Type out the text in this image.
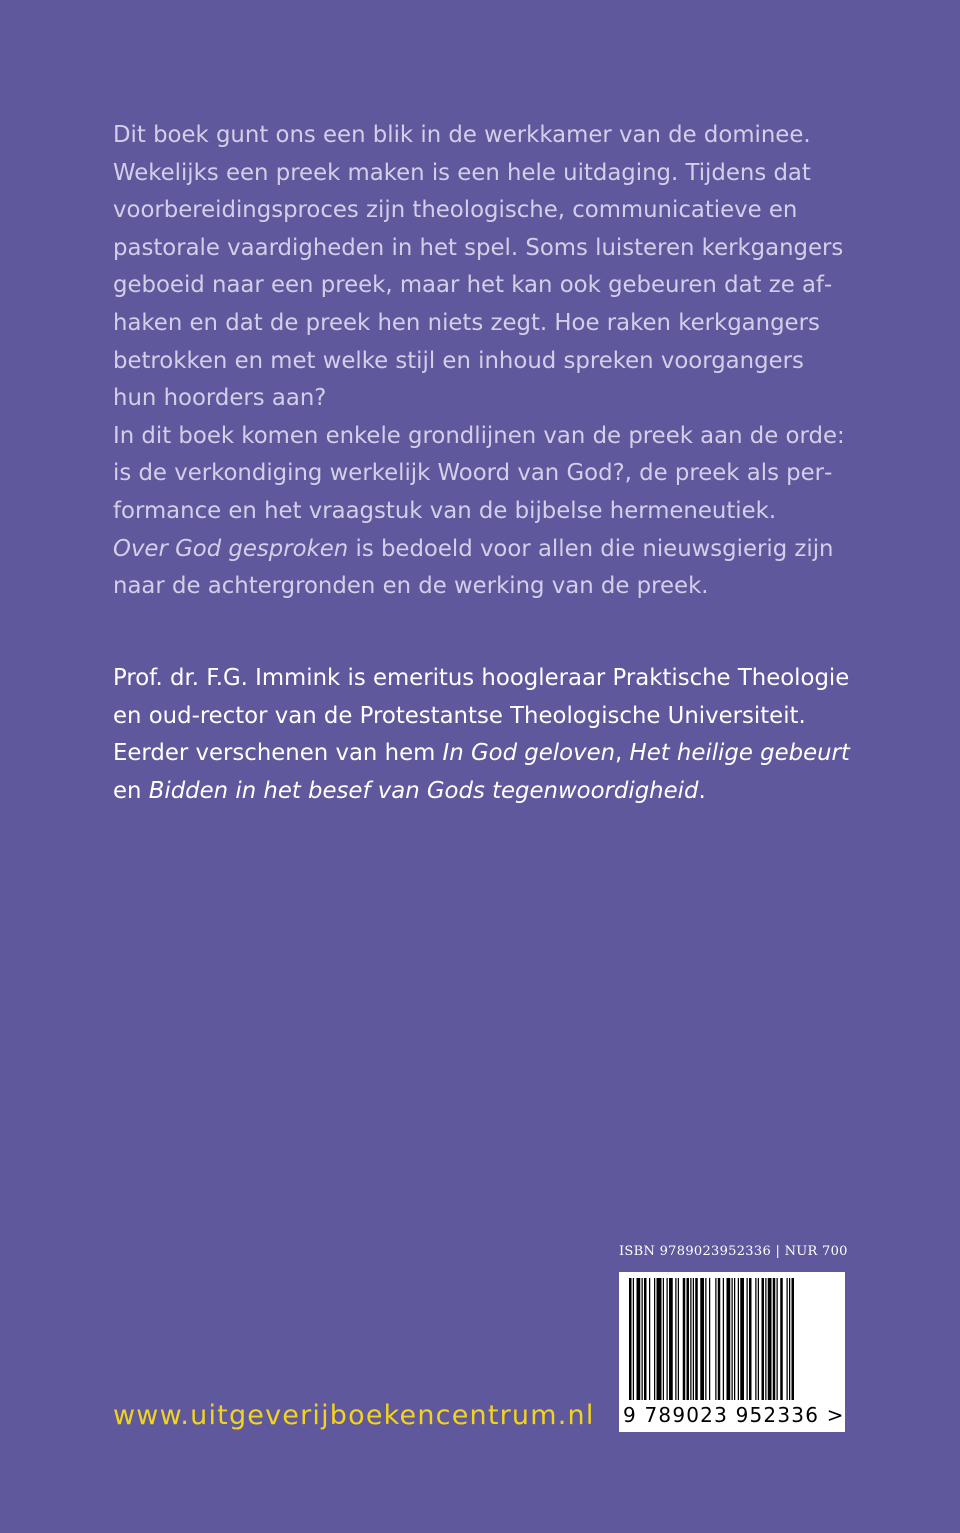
Dit boek gunt ons een blik in de werkkamer van de dominee. Wekelijks een preek maken is een hele uitdaging. Tijdens dat voorbereidingsproces zijn theologische, communicatieve en pastorale vaardigheden in het spel. Soms luisteren kerkgangers geboeid naar een preek, maar het kan ook gebeuren dat ze afhaken en dat de preek hen niets zegt. Hoe raken kerkgangers betrokken en met welke stijl en inhoud spreken voorgangers hun hoorders aan?

In dit boek komen enkele grondlijnen van de preek aan de orde: is de verkondiging werkelijk Woord van God?, de preek als performance en het vraagstuk van de bijbelse hermeneutiek.

Over God gesproken is bedoeld voor allen die nieuwsgierig zijn naar de achtergronden en de werking van de preek.

Prof. dr. F.G. Immink is emeritus hoogleraar Praktische Theologie en oud-rector van de Protestantse Theologische Universiteit. Eerder verschenen van hem In God geloven, Het heilige gebeurt en Bidden in het besef van Gods tegenwoordigheid.

ISBN 9789023952336 | NUR 700
9 789023 952336 >
www.uitgeverijboekencentrum.nl
